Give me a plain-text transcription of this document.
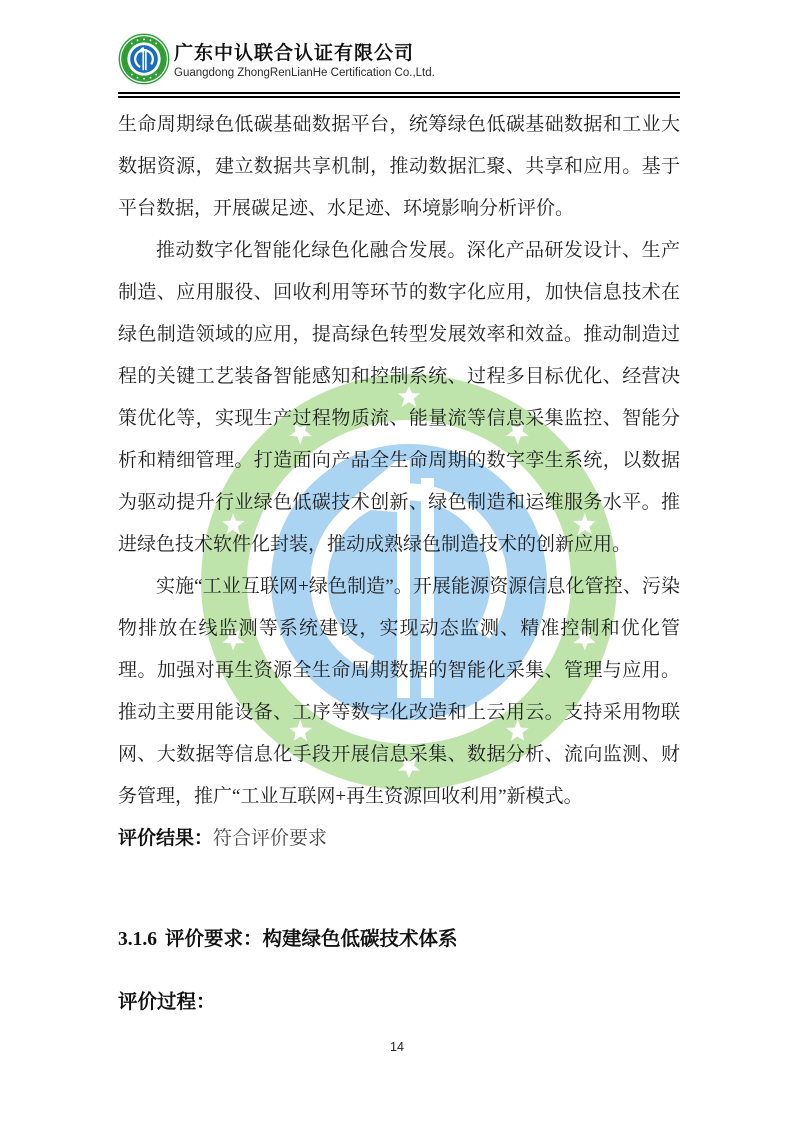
广东中认联合认证有限公司
Guangdong ZhongRenLianHe Certification Co.,Ltd.

生命周期绿色低碳基础数据平台，统筹绿色低碳基础数据和工业大数据资源，建立数据共享机制，推动数据汇聚、共享和应用。基于平台数据，开展碳足迹、水足迹、环境影响分析评价。

推动数字化智能化绿色化融合发展。深化产品研发设计、生产制造、应用服役、回收利用等环节的数字化应用，加快信息技术在绿色制造领域的应用，提高绿色转型发展效率和效益。推动制造过程的关键工艺装备智能感知和控制系统、过程多目标优化、经营决策优化等，实现生产过程物质流、能量流等信息采集监控、智能分析和精细管理。打造面向产品全生命周期的数字孪生系统，以数据为驱动提升行业绿色低碳技术创新、绿色制造和运维服务水平。推进绿色技术软件化封装，推动成熟绿色制造技术的创新应用。

实施“工业互联网+绿色制造”。开展能源资源信息化管控、污染物排放在线监测等系统建设，实现动态监测、精准控制和优化管理。加强对再生资源全生命周期数据的智能化采集、管理与应用。推动主要用能设备、工序等数字化改造和上云用云。支持采用物联网、大数据等信息化手段开展信息采集、数据分析、流向监测、财务管理，推广“工业互联网+再生资源回收利用”新模式。

评价结果：符合评价要求
3.1.6 评价要求：构建绿色低碳技术体系
评价过程：
14
